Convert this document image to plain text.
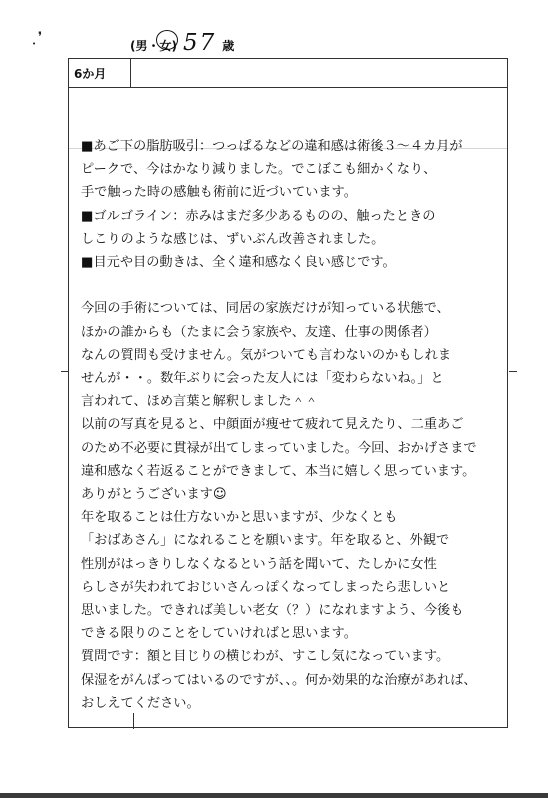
❜
•	(男・女) 57 歳
6か月
■あご下の脂肪吸引：つっぱるなどの違和感は術後３～４カ月が
ピークで、今はかなり減りました。でこぼこも細かくなり、
手で触った時の感触も術前に近づいています。
■ゴルゴライン：赤みはまだ多少あるものの、触ったときの
しこりのような感じは、ずいぶん改善されました。
■目元や目の動きは、全く違和感なく良い感じです。

今回の手術については、同居の家族だけが知っている状態で、
ほかの誰からも（たまに会う家族や、友達、仕事の関係者）
なんの質問も受けません。気がついても言わないのかもしれま
せんが・・。数年ぶりに会った友人には「変わらないね。」と
言われて、ほめ言葉と解釈しました＾＾
以前の写真を見ると、中顔面が痩せて疲れて見えたり、二重あご
のため不必要に貫禄が出てしまっていました。今回、おかげさまで
違和感なく若返ることができまして、本当に嬉しく思っています。
ありがとうございます☺
年を取ることは仕方ないかと思いますが、少なくとも
「おばあさん」になれることを願います。年を取ると、外観で
性別がはっきりしなくなるという話を聞いて、たしかに女性
らしさが失われておじいさんっぽくなってしまったら悲しいと
思いました。できれば美しい老女（？）になれますよう、今後も
できる限りのことをしていければと思います。
質問です：額と目じりの横じわが、すこし気になっています。
保湿をがんばってはいるのですが、、。何か効果的な治療があれば、
おしえてください。
